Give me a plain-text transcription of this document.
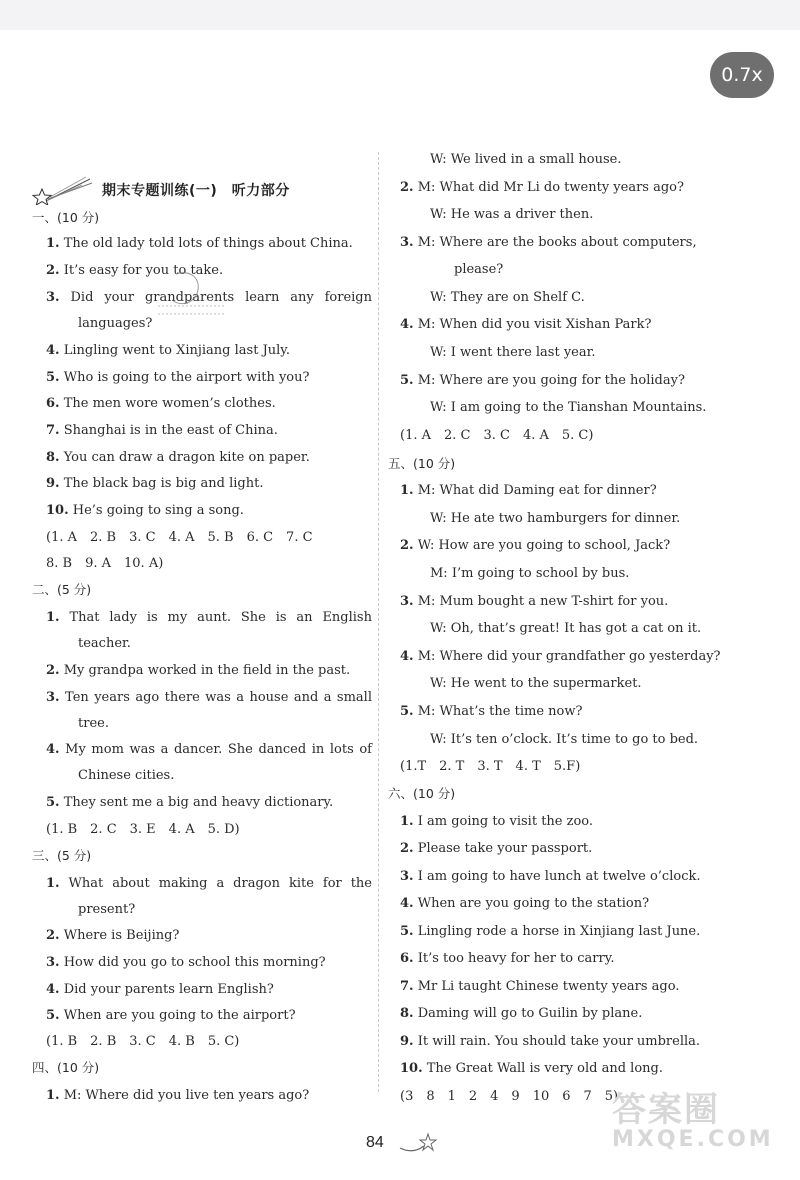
0.7x
期末专题训练(一)　听力部分
一、(10 分)
1. The old lady told lots of things about China.
2. It’s easy for you to take.
3. Did your grandparents learn any foreign
languages?
4. Lingling went to Xinjiang last July.
5. Who is going to the airport with you?
6. The men wore women’s clothes.
7. Shanghai is in the east of China.
8. You can draw a dragon kite on paper.
9. The black bag is big and light.
10. He’s going to sing a song.
(1. A　2. B　3. C　4. A　5. B　6. C　7. C
8. B　9. A　10. A)
二、(5 分)
1. That lady is my aunt. She is an English
teacher.
2. My grandpa worked in the field in the past.
3. Ten years ago there was a house and a small
tree.
4. My mom was a dancer. She danced in lots of
Chinese cities.
5. They sent me a big and heavy dictionary.
(1. B　2. C　3. E　4. A　5. D)
三、(5 分)
1. What about making a dragon kite for the
present?
2. Where is Beijing?
3. How did you go to school this morning?
4. Did your parents learn English?
5. When are you going to the airport?
(1. B　2. B　3. C　4. B　5. C)
四、(10 分)
1. M: Where did you live ten years ago?
W: We lived in a small house.
2. M: What did Mr Li do twenty years ago?
W: He was a driver then.
3. M: Where are the books about computers,
please?
W: They are on Shelf C.
4. M: When did you visit Xishan Park?
W: I went there last year.
5. M: Where are you going for the holiday?
W: I am going to the Tianshan Mountains.
(1. A　2. C　3. C　4. A　5. C)
五、(10 分)
1. M: What did Daming eat for dinner?
W: He ate two hamburgers for dinner.
2. W: How are you going to school, Jack?
M: I’m going to school by bus.
3. M: Mum bought a new T-shirt for you.
W: Oh, that’s great! It has got a cat on it.
4. M: Where did your grandfather go yesterday?
W: He went to the supermarket.
5. M: What’s the time now?
W: It’s ten o’clock. It’s time to go to bed.
(1.T　2. T　3. T　4. T　5.F)
六、(10 分)
1. I am going to visit the zoo.
2. Please take your passport.
3. I am going to have lunch at twelve o’clock.
4. When are you going to the station?
5. Lingling rode a horse in Xinjiang last June.
6. It’s too heavy for her to carry.
7. Mr Li taught Chinese twenty years ago.
8. Daming will go to Guilin by plane.
9. It will rain. You should take your umbrella.
10. The Great Wall is very old and long.
(3　8　1　2　4　9　10　6　7　5)
答案圈
MXQE.COM
84
